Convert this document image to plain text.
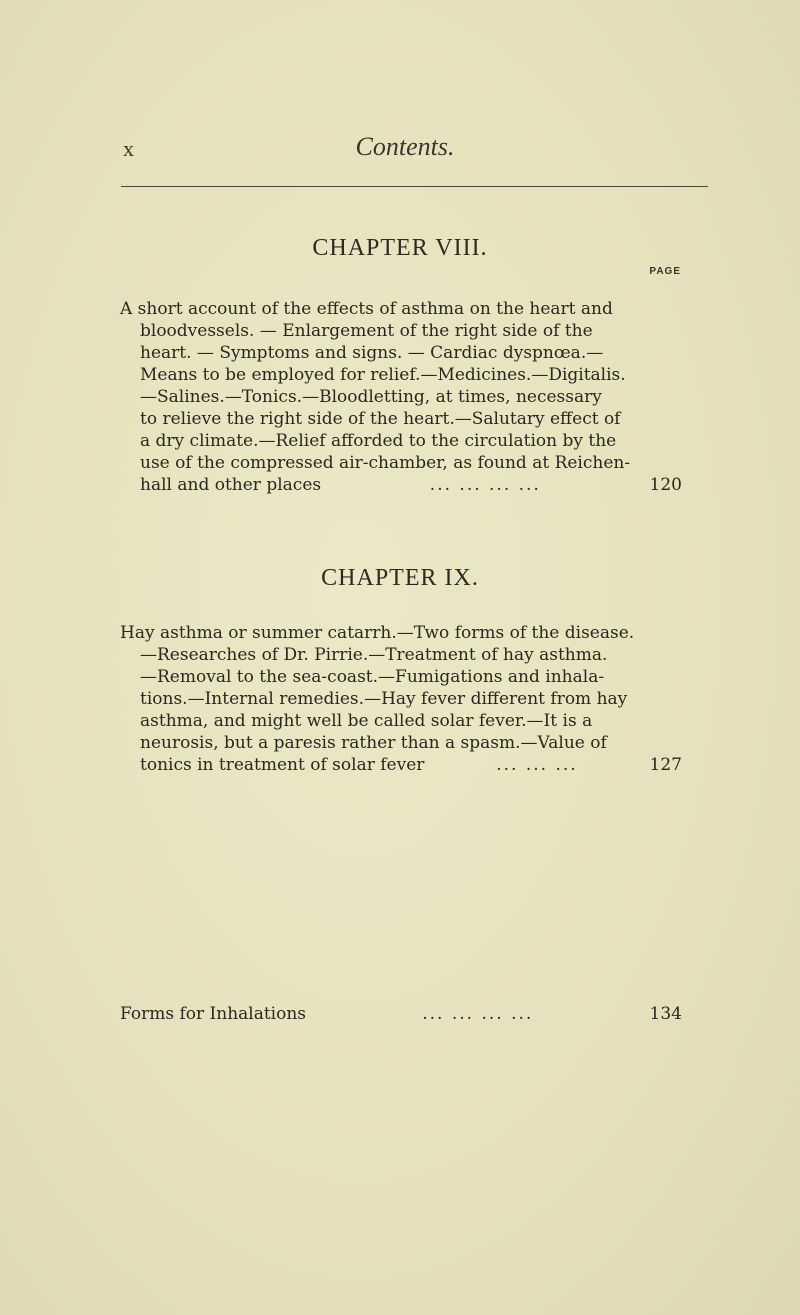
x	Contents.
CHAPTER VIII.
PAGE
A short account of the effects of asthma on the heart and
bloodvessels. — Enlargement of the right side of the
heart. — Symptoms and signs. — Cardiac dyspnœa.—
Means to be employed for relief.—Medicines.—Digitalis.
—Salines.—Tonics.—Bloodletting, at times, necessary
to relieve the right side of the heart.—Salutary effect of
a dry climate.—Relief afforded to the circulation by the
use of the compressed air-chamber, as found at Reichen-
hall and other places	... ... ... ...	120
CHAPTER IX.
Hay asthma or summer catarrh.—Two forms of the disease.
—Researches of Dr. Pirrie.—Treatment of hay asthma.
—Removal to the sea-coast.—Fumigations and inhala-
tions.—Internal remedies.—Hay fever different from hay
asthma, and might well be called solar fever.—It is a
neurosis, but a paresis rather than a spasm.—Value of
tonics in treatment of solar fever	... ... ...	127
Forms for Inhalations	... ... ... ...	134
